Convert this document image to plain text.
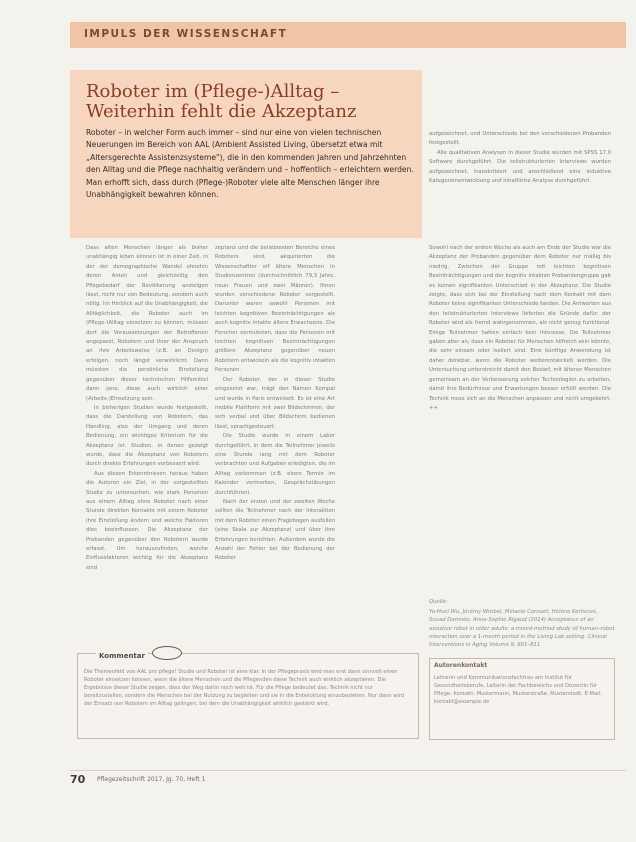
IMPULS DER WISSENSCHAFT
Roboter im (Pflege-)Alltag – Weiterhin fehlt die Akzeptanz

Roboter – in welcher Form auch immer – sind nur eine von vielen technischen Neuerungen im Bereich von AAL (Ambient Assisted Living, übersetzt etwa mit „Altersgerechte Assistenzsysteme"), die in den kommenden Jahren und Jahrzehnten den Alltag und die Pflege nachhaltig verändern und – hoffentlich – erleichtern werden. Man erhofft sich, dass durch (Pflege-)Roboter viele alte Menschen länger ihre Unabhängigkeit bewahren können.

Dass alten Menschen länger als bisher unabhängig leben können ist in einer Zeit, in der der demographische Wandel ohnehin deren Anteil und gleichzeitig den Pflegebedarf der Bevölkerung ansteigen lässt, nicht nur von Bedeutung, sondern auch nötig. Im Hinblick auf die Unabhängigkeit, die Alltäglichkeit, die Roboter auch im (Pflege-)Alltag einsetzen zu können, müssen dort die Voraussetzungen der Betroffenen angepasst, Robotern und ihrer der Anspruch an ihre Arbeitsweise (z.B. an Design) erfolgen, noch längst verwirklicht. Dann müssten die persönliche Einstellung gegenüber dieser technischen Hilfsmittel dann jene, diese auch wirklich einer (Arbeits-)Einsetzung sein.

In bisherigen Studien wurde festgestellt, dass die Darstellung von Robotern, das Handling, also der Umgang und deren Bedienung, ein wichtiges Kriterium für die Akzeptanz ist. Studien, in denen gezeigt wurde, dass die Akzeptanz von Robotern durch direkte Erfahrungen verbessert wird.

Aus diesen Erkenntnissen heraus haben die Autoren ein Ziel, in der vorgestellten Studie zu untersuchen, wie stark Personen aus einem Alltag ohne Roboter nach einer Stunde direkten Kontakts mit einem Roboter ihre Einstellung ändern und welche Faktoren dies beeinflussen. Die Akzeptanz der Probanden gegenüber den Robotern wurde erfasst. Um herauszufinden, welche Einflussfaktoren wichtig für die Akzeptanz sind

zeptanz und die beliebtesten Bereiche eines Roboters sind, akquirierten die Wissenschaftler elf ältere Menschen in Studienzentren (durchschnittlich 79,3 Jahre, neun Frauen und zwei Männer). Ihnen wurden verschiedene Roboter vorgestellt. Darunter waren sowohl Personen mit leichten kognitiven Beeinträchtigungen als auch kognitiv intakte ältere Erwachsene. Die Forscher vermuteten, dass die Personen mit leichten kognitiven Beeinträchtigungen größere Akzeptanz gegenüber neuen Robotern entwickeln als die kognitiv intakten Personen.

Der Roboter, der in dieser Studie eingesetzt war, trägt den Namen Kompaï und wurde in Paris entwickelt. Es ist eine Art mobile Plattform mit zwei Bildschirmen, der sich verbal und über Bildschirm bedienen lässt, sprachgesteuert.

Die Studie wurde in einem Labor durchgeführt, in dem die Teilnehmer jeweils eine Stunde lang mit dem Roboter verbrachten und Aufgaben erledigten, die im Alltag vorkommen (z.B. einen Termin im Kalender vermerken, Gesprächsübungen durchführen).

Nach der ersten und der zweiten Woche sollten die Teilnehmer nach der Interaktion mit dem Roboter einen Fragebogen ausfüllen (eine Skala zur Akzeptanz) und über ihre Erfahrungen berichten. Außerdem wurde die Anzahl der Fehler bei der Bedienung der Roboter

aufgezeichnet, und Unterschiede bei den verschiedenen Probanden festgestellt.

Alle qualitativen Analysen in dieser Studie wurden mit SPSS 17.0 Software durchgeführt. Die teilstrukturierten Interviews wurden aufgezeichnet, transkribiert und anschließend eine induktive Kategorienentwicklung und inhaltliche Analyse durchgeführt.

Sowohl nach der ersten Woche als auch am Ende der Studie war die Akzeptanz der Probanden gegenüber dem Roboter nur mäßig bis niedrig. Zwischen der Gruppe mit leichten kognitiven Beeinträchtigungen und der kognitiv intakten Probandengruppe gab es keinen signifikanten Unterschied in der Akzeptanz. Die Studie zeigte, dass sich bei der Einstellung nach dem Kontakt mit dem Roboter keine signifikanten Unterschiede fanden. Die Antworten aus den teilstrukturierten Interviews lieferten die Gründe dafür: der Roboter wird als fremd wahrgenommen, als nicht genug funktional. Einige Teilnehmer hatten einfach kein Interesse. Die Teilnehmer gaben aber an, dass ein Roboter für Menschen hilfreich sein könnte, die sehr einsam oder isoliert sind. Eine künftige Anwendung ist daher denkbar, wenn die Roboter weiterentwickelt werden. Die Untersuchung unterstreicht damit den Bedarf, mit älteren Menschen gemeinsam an der Verbesserung solcher Technologien zu arbeiten, damit ihre Bedürfnisse und Erwartungen besser erfüllt werden. Die Technik muss sich an die Menschen anpassen und nicht umgekehrt. ++

Quelle:
Ya-Huei Wu, Jérémy Wrobel, Mélanie Cornuet, Hélène Kerhervé, Souad Damnée, Anne-Sophie Rigaud (2014) Acceptance of an assistive robot in older adults: a mixed-method study of human–robot interaction over a 1-month period in the Living Lab setting. Clinical Interventions in Aging Volume 9, 801–811
Kommentar

Die Themenfeld von AAL pro pflege! Studie und Roboter ist eine klar. In der Pflegepraxis wird man erst dann sinnvoll einen Roboter einsetzen können, wenn die ältere Menschen und die Pflegenden diese Technik auch wirklich akzeptieren. Die Ergebnisse dieser Studie zeigen, dass der Weg dahin noch weit ist. Für die Pflege bedeutet das, Technik nicht nur bereitzustellen, sondern die Menschen bei der Nutzung zu begleiten und sie in die Entwicklung einzubeziehen. Nur dann wird der Einsatz von Robotern im Alltag gelingen, bei dem die Unabhängigkeit wirklich gestärkt wird.

Autorenkontakt

Lehrerin und Kommunikationsfachfrau am Institut für Gesundheitsberufe, Leiterin der Fachbereichs und Dozentin für Pflege. Kontakt: Mustermann, Musterstraße, Musterstadt. E-Mail: kontakt@example.de

70 Pflegezeitschrift 2017, Jg. 70, Heft 1
